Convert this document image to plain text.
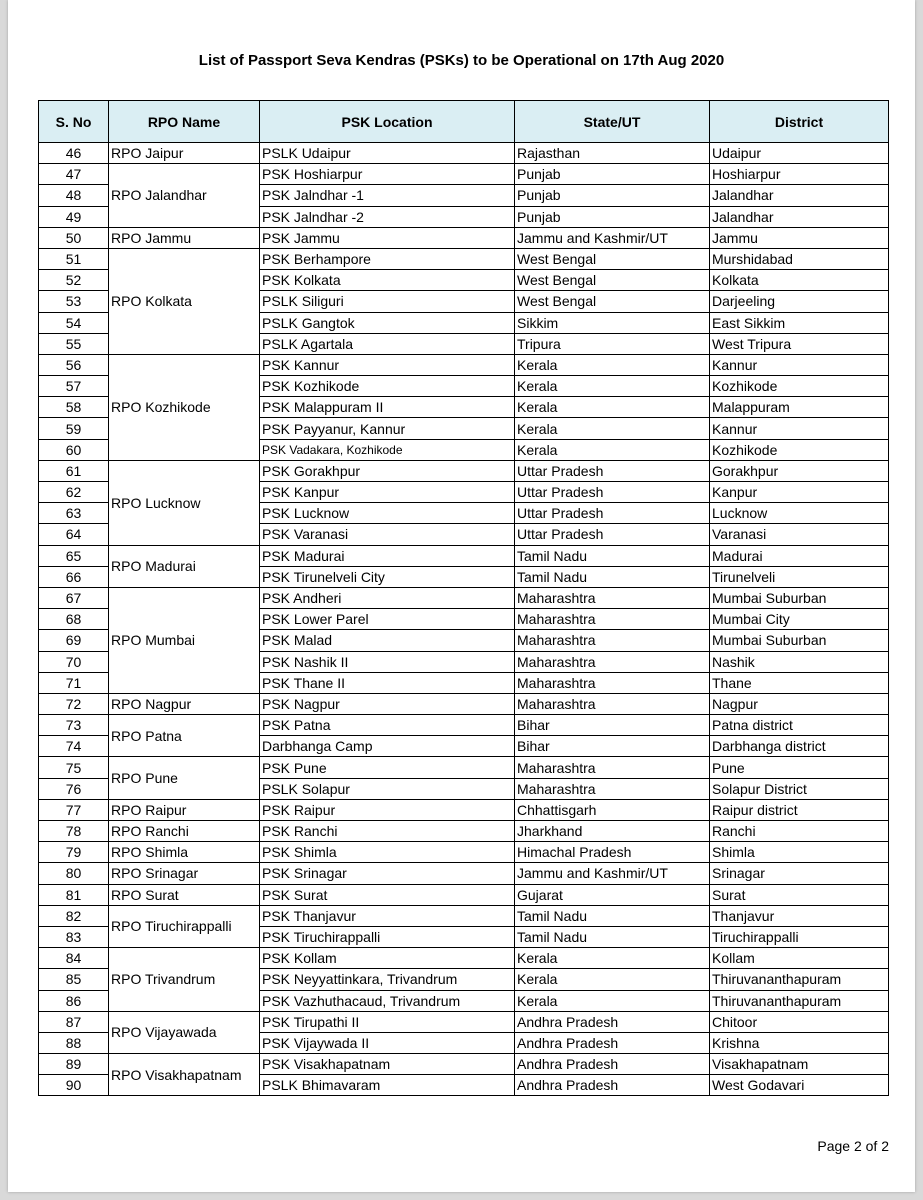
List of Passport Seva Kendras (PSKs) to be Operational on 17th Aug 2020
S. No	RPO Name	PSK Location	State/UT	District
46	RPO Jaipur	PSLK Udaipur	Rajasthan	Udaipur
47	RPO Jalandhar	PSK Hoshiarpur	Punjab	Hoshiarpur
48		PSK Jalndhar -1	Punjab	Jalandhar
49		PSK Jalndhar -2	Punjab	Jalandhar
50	RPO Jammu	PSK Jammu	Jammu and Kashmir/UT	Jammu
51	RPO Kolkata	PSK Berhampore	West Bengal	Murshidabad
52		PSK Kolkata	West Bengal	Kolkata
53		PSLK Siliguri	West Bengal	Darjeeling
54		PSLK Gangtok	Sikkim	East Sikkim
55		PSLK Agartala	Tripura	West Tripura
56	RPO Kozhikode	PSK Kannur	Kerala	Kannur
57		PSK Kozhikode	Kerala	Kozhikode
58		PSK Malappuram II	Kerala	Malappuram
59		PSK Payyanur, Kannur	Kerala	Kannur
60		PSK Vadakara, Kozhikode	Kerala	Kozhikode
61	RPO Lucknow	PSK Gorakhpur	Uttar Pradesh	Gorakhpur
62		PSK Kanpur	Uttar Pradesh	Kanpur
63		PSK Lucknow	Uttar Pradesh	Lucknow
64		PSK Varanasi	Uttar Pradesh	Varanasi
65	RPO Madurai	PSK Madurai	Tamil Nadu	Madurai
66		PSK Tirunelveli City	Tamil Nadu	Tirunelveli
67	RPO Mumbai	PSK Andheri	Maharashtra	Mumbai Suburban
68		PSK Lower Parel	Maharashtra	Mumbai City
69		PSK Malad	Maharashtra	Mumbai Suburban
70		PSK Nashik II	Maharashtra	Nashik
71		PSK Thane II	Maharashtra	Thane
72	RPO Nagpur	PSK Nagpur	Maharashtra	Nagpur
73	RPO Patna	PSK Patna	Bihar	Patna district
74		Darbhanga Camp	Bihar	Darbhanga district
75	RPO Pune	PSK Pune	Maharashtra	Pune
76		PSLK Solapur	Maharashtra	Solapur District
77	RPO Raipur	PSK Raipur	Chhattisgarh	Raipur district
78	RPO Ranchi	PSK Ranchi	Jharkhand	Ranchi
79	RPO Shimla	PSK Shimla	Himachal Pradesh	Shimla
80	RPO Srinagar	PSK Srinagar	Jammu and Kashmir/UT	Srinagar
81	RPO Surat	PSK Surat	Gujarat	Surat
82	RPO Tiruchirappalli	PSK Thanjavur	Tamil Nadu	Thanjavur
83		PSK Tiruchirappalli	Tamil Nadu	Tiruchirappalli
84	RPO Trivandrum	PSK Kollam	Kerala	Kollam
85		PSK Neyyattinkara, Trivandrum	Kerala	Thiruvananthapuram
86		PSK Vazhuthacaud, Trivandrum	Kerala	Thiruvananthapuram
87	RPO Vijayawada	PSK Tirupathi II	Andhra Pradesh	Chitoor
88		PSK Vijaywada II	Andhra Pradesh	Krishna
89	RPO Visakhapatnam	PSK Visakhapatnam	Andhra Pradesh	Visakhapatnam
90		PSLK Bhimavaram	Andhra Pradesh	West Godavari
Page 2 of 2
